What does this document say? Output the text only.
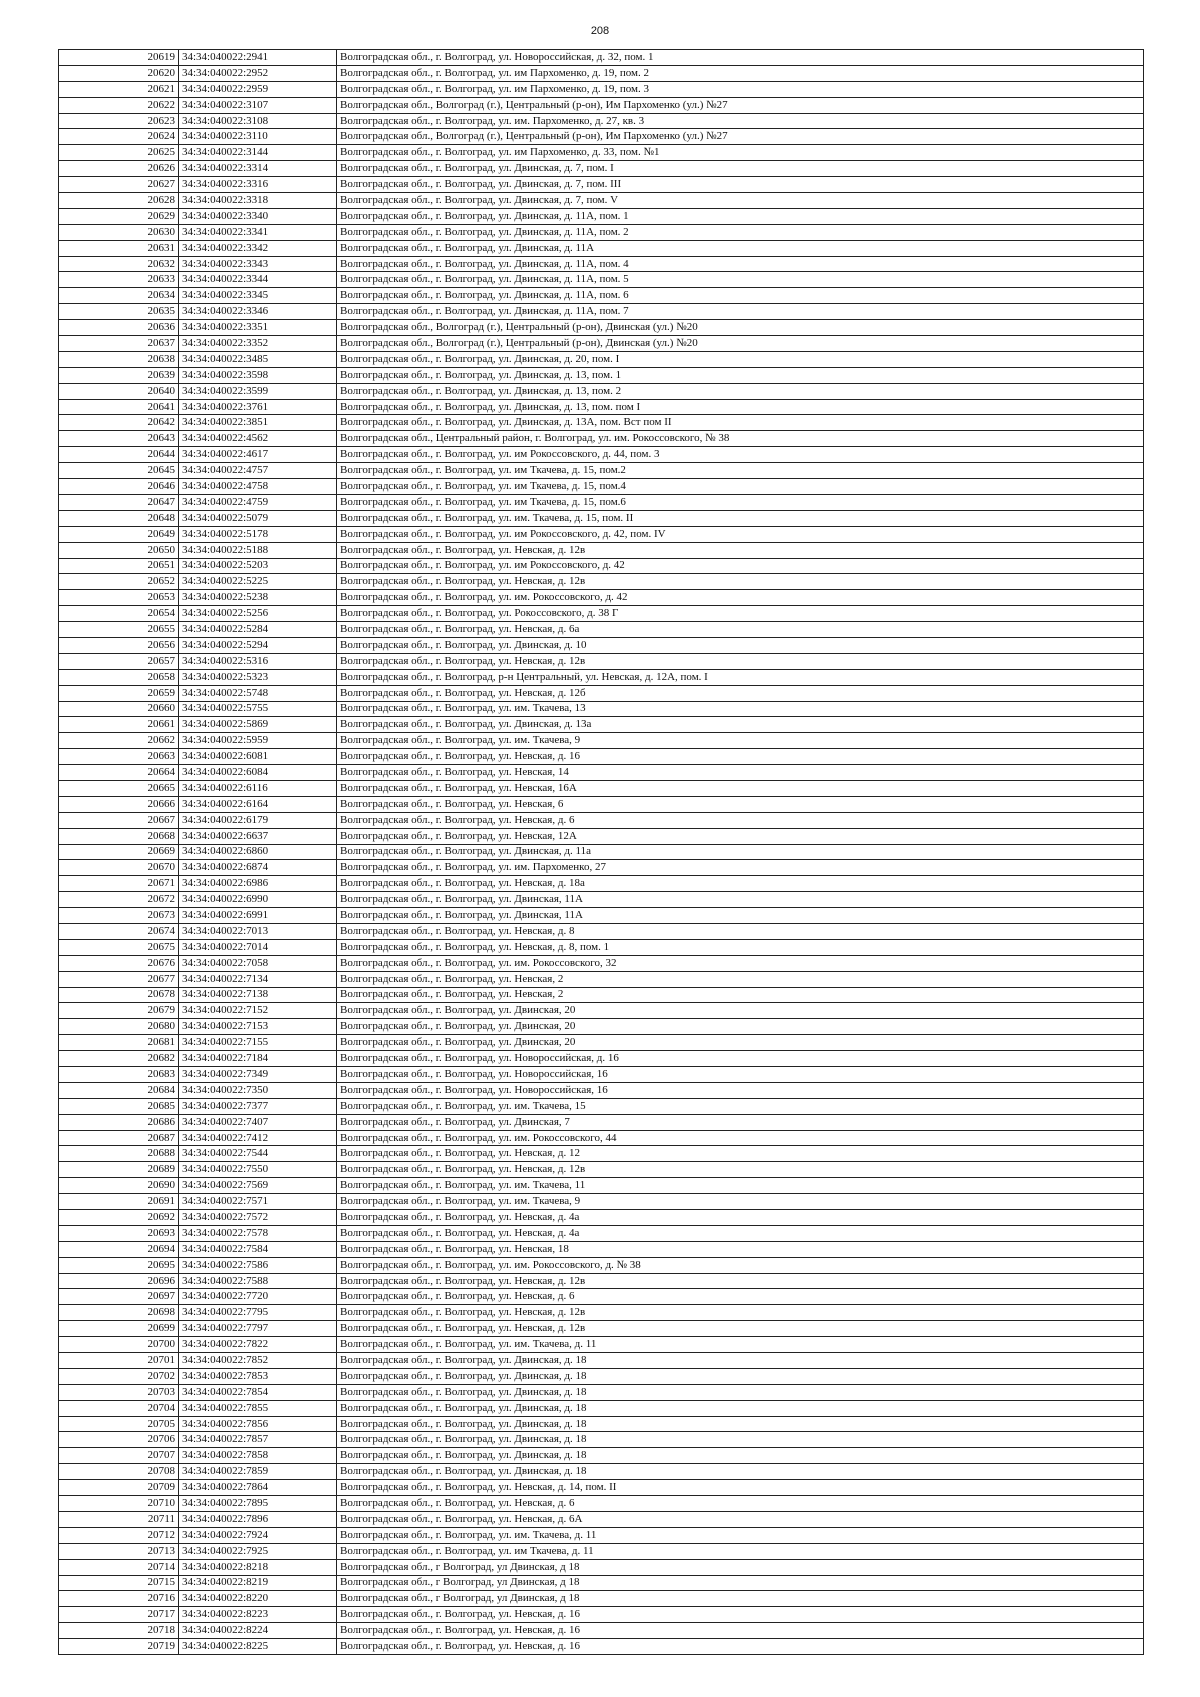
208
20619	34:34:040022:2941	Волгоградская обл., г. Волгоград, ул. Новороссийская, д. 32, пом. 1
20620	34:34:040022:2952	Волгоградская обл., г. Волгоград, ул. им Пархоменко, д. 19, пом. 2
20621	34:34:040022:2959	Волгоградская обл., г. Волгоград, ул. им Пархоменко, д. 19, пом. 3
20622	34:34:040022:3107	Волгоградская обл., Волгоград (г.), Центральный (р-он), Им Пархоменко (ул.) №27
20623	34:34:040022:3108	Волгоградская обл., г. Волгоград, ул. им. Пархоменко, д. 27, кв. 3
20624	34:34:040022:3110	Волгоградская обл., Волгоград (г.), Центральный (р-он), Им Пархоменко (ул.) №27
20625	34:34:040022:3144	Волгоградская обл., г. Волгоград, ул. им Пархоменко, д. 33, пом. №1
20626	34:34:040022:3314	Волгоградская обл., г. Волгоград, ул. Двинская, д. 7, пом. I
20627	34:34:040022:3316	Волгоградская обл., г. Волгоград, ул. Двинская, д. 7, пом. III
20628	34:34:040022:3318	Волгоградская обл., г. Волгоград, ул. Двинская, д. 7, пом. V
20629	34:34:040022:3340	Волгоградская обл., г. Волгоград, ул. Двинская, д. 11А, пом. 1
20630	34:34:040022:3341	Волгоградская обл., г. Волгоград, ул. Двинская, д. 11А, пом. 2
20631	34:34:040022:3342	Волгоградская обл., г. Волгоград, ул. Двинская, д. 11А
20632	34:34:040022:3343	Волгоградская обл., г. Волгоград, ул. Двинская, д. 11А, пом. 4
20633	34:34:040022:3344	Волгоградская обл., г. Волгоград, ул. Двинская, д. 11А, пом. 5
20634	34:34:040022:3345	Волгоградская обл., г. Волгоград, ул. Двинская, д. 11А, пом. 6
20635	34:34:040022:3346	Волгоградская обл., г. Волгоград, ул. Двинская, д. 11А, пом. 7
20636	34:34:040022:3351	Волгоградская обл., Волгоград (г.), Центральный (р-он), Двинская (ул.) №20
20637	34:34:040022:3352	Волгоградская обл., Волгоград (г.), Центральный (р-он), Двинская (ул.) №20
20638	34:34:040022:3485	Волгоградская обл., г. Волгоград, ул. Двинская, д. 20, пом. I
20639	34:34:040022:3598	Волгоградская обл., г. Волгоград, ул. Двинская, д. 13, пом. 1
20640	34:34:040022:3599	Волгоградская обл., г. Волгоград, ул. Двинская, д. 13, пом. 2
20641	34:34:040022:3761	Волгоградская обл., г. Волгоград, ул. Двинская, д. 13, пом. пом I
20642	34:34:040022:3851	Волгоградская обл., г. Волгоград, ул. Двинская, д. 13А, пом. Вст пом II
20643	34:34:040022:4562	Волгоградская обл., Центральный район, г. Волгоград, ул. им. Рокоссовского, № 38
20644	34:34:040022:4617	Волгоградская обл., г. Волгоград, ул. им Рокоссовского, д. 44, пом. 3
20645	34:34:040022:4757	Волгоградская обл., г. Волгоград, ул. им Ткачева, д. 15, пом.2
20646	34:34:040022:4758	Волгоградская обл., г. Волгоград, ул. им Ткачева, д. 15, пом.4
20647	34:34:040022:4759	Волгоградская обл., г. Волгоград, ул. им Ткачева, д. 15, пом.6
20648	34:34:040022:5079	Волгоградская обл., г. Волгоград, ул. им. Ткачева, д. 15, пом. II
20649	34:34:040022:5178	Волгоградская обл., г. Волгоград, ул. им Рокоссовского, д. 42, пом. IV
20650	34:34:040022:5188	Волгоградская обл., г. Волгоград, ул. Невская, д. 12в
20651	34:34:040022:5203	Волгоградская обл., г. Волгоград, ул. им Рокоссовского, д. 42
20652	34:34:040022:5225	Волгоградская обл., г. Волгоград, ул. Невская, д. 12в
20653	34:34:040022:5238	Волгоградская обл., г. Волгоград, ул. им. Рокоссовского, д. 42
20654	34:34:040022:5256	Волгоградская обл., г. Волгоград, ул. Рокоссовского, д. 38 Г
20655	34:34:040022:5284	Волгоградская обл., г. Волгоград, ул. Невская, д. 6а
20656	34:34:040022:5294	Волгоградская обл., г. Волгоград, ул. Двинская, д. 10
20657	34:34:040022:5316	Волгоградская обл., г. Волгоград, ул. Невская, д. 12в
20658	34:34:040022:5323	Волгоградская обл., г. Волгоград, р-н Центральный, ул. Невская, д. 12А, пом. I
20659	34:34:040022:5748	Волгоградская обл., г. Волгоград, ул. Невская, д. 12б
20660	34:34:040022:5755	Волгоградская обл., г. Волгоград, ул. им. Ткачева, 13
20661	34:34:040022:5869	Волгоградская обл., г. Волгоград, ул. Двинская, д. 13а
20662	34:34:040022:5959	Волгоградская обл., г. Волгоград, ул. им. Ткачева, 9
20663	34:34:040022:6081	Волгоградская обл., г. Волгоград, ул. Невская, д. 16
20664	34:34:040022:6084	Волгоградская обл., г. Волгоград, ул. Невская, 14
20665	34:34:040022:6116	Волгоградская обл., г. Волгоград, ул. Невская, 16А
20666	34:34:040022:6164	Волгоградская обл., г. Волгоград, ул. Невская, 6
20667	34:34:040022:6179	Волгоградская обл., г. Волгоград, ул. Невская, д. 6
20668	34:34:040022:6637	Волгоградская обл., г. Волгоград, ул. Невская, 12А
20669	34:34:040022:6860	Волгоградская обл., г. Волгоград, ул. Двинская, д. 11а
20670	34:34:040022:6874	Волгоградская обл., г. Волгоград, ул. им. Пархоменко, 27
20671	34:34:040022:6986	Волгоградская обл., г. Волгоград, ул. Невская, д. 18а
20672	34:34:040022:6990	Волгоградская обл., г. Волгоград, ул. Двинская, 11А
20673	34:34:040022:6991	Волгоградская обл., г. Волгоград, ул. Двинская, 11А
20674	34:34:040022:7013	Волгоградская обл., г. Волгоград, ул. Невская, д. 8
20675	34:34:040022:7014	Волгоградская обл., г. Волгоград, ул. Невская, д. 8, пом. 1
20676	34:34:040022:7058	Волгоградская обл., г. Волгоград, ул. им. Рокоссовского, 32
20677	34:34:040022:7134	Волгоградская обл., г. Волгоград, ул. Невская, 2
20678	34:34:040022:7138	Волгоградская обл., г. Волгоград, ул. Невская, 2
20679	34:34:040022:7152	Волгоградская обл., г. Волгоград, ул. Двинская, 20
20680	34:34:040022:7153	Волгоградская обл., г. Волгоград, ул. Двинская, 20
20681	34:34:040022:7155	Волгоградская обл., г. Волгоград, ул. Двинская, 20
20682	34:34:040022:7184	Волгоградская обл., г. Волгоград, ул. Новороссийская, д. 16
20683	34:34:040022:7349	Волгоградская обл., г. Волгоград, ул. Новороссийская, 16
20684	34:34:040022:7350	Волгоградская обл., г. Волгоград, ул. Новороссийская, 16
20685	34:34:040022:7377	Волгоградская обл., г. Волгоград, ул. им. Ткачева, 15
20686	34:34:040022:7407	Волгоградская обл., г. Волгоград, ул. Двинская, 7
20687	34:34:040022:7412	Волгоградская обл., г. Волгоград, ул. им. Рокоссовского, 44
20688	34:34:040022:7544	Волгоградская обл., г. Волгоград, ул. Невская, д. 12
20689	34:34:040022:7550	Волгоградская обл., г. Волгоград, ул. Невская, д. 12в
20690	34:34:040022:7569	Волгоградская обл., г. Волгоград, ул. им. Ткачева, 11
20691	34:34:040022:7571	Волгоградская обл., г. Волгоград, ул. им. Ткачева, 9
20692	34:34:040022:7572	Волгоградская обл., г. Волгоград, ул. Невская, д. 4а
20693	34:34:040022:7578	Волгоградская обл., г. Волгоград, ул. Невская, д. 4а
20694	34:34:040022:7584	Волгоградская обл., г. Волгоград, ул. Невская, 18
20695	34:34:040022:7586	Волгоградская обл., г. Волгоград, ул. им. Рокоссовского, д. № 38
20696	34:34:040022:7588	Волгоградская обл., г. Волгоград, ул. Невская, д. 12в
20697	34:34:040022:7720	Волгоградская обл., г. Волгоград, ул. Невская, д. 6
20698	34:34:040022:7795	Волгоградская обл., г. Волгоград, ул. Невская, д. 12в
20699	34:34:040022:7797	Волгоградская обл., г. Волгоград, ул. Невская, д. 12в
20700	34:34:040022:7822	Волгоградская обл., г. Волгоград, ул. им. Ткачева, д. 11
20701	34:34:040022:7852	Волгоградская обл., г. Волгоград, ул. Двинская, д. 18
20702	34:34:040022:7853	Волгоградская обл., г. Волгоград, ул. Двинская, д. 18
20703	34:34:040022:7854	Волгоградская обл., г. Волгоград, ул. Двинская, д. 18
20704	34:34:040022:7855	Волгоградская обл., г. Волгоград, ул. Двинская, д. 18
20705	34:34:040022:7856	Волгоградская обл., г. Волгоград, ул. Двинская, д. 18
20706	34:34:040022:7857	Волгоградская обл., г. Волгоград, ул. Двинская, д. 18
20707	34:34:040022:7858	Волгоградская обл., г. Волгоград, ул. Двинская, д. 18
20708	34:34:040022:7859	Волгоградская обл., г. Волгоград, ул. Двинская, д. 18
20709	34:34:040022:7864	Волгоградская обл., г. Волгоград, ул. Невская, д. 14, пом. II
20710	34:34:040022:7895	Волгоградская обл., г. Волгоград, ул. Невская, д. 6
20711	34:34:040022:7896	Волгоградская обл., г. Волгоград, ул. Невская, д. 6А
20712	34:34:040022:7924	Волгоградская обл., г. Волгоград, ул. им. Ткачева, д. 11
20713	34:34:040022:7925	Волгоградская обл., г. Волгоград, ул. им Ткачева, д. 11
20714	34:34:040022:8218	Волгоградская обл., г Волгоград, ул Двинская, д 18
20715	34:34:040022:8219	Волгоградская обл., г Волгоград, ул Двинская, д 18
20716	34:34:040022:8220	Волгоградская обл., г Волгоград, ул Двинская, д 18
20717	34:34:040022:8223	Волгоградская обл., г. Волгоград, ул. Невская, д. 16
20718	34:34:040022:8224	Волгоградская обл., г. Волгоград, ул. Невская, д. 16
20719	34:34:040022:8225	Волгоградская обл., г. Волгоград, ул. Невская, д. 16
